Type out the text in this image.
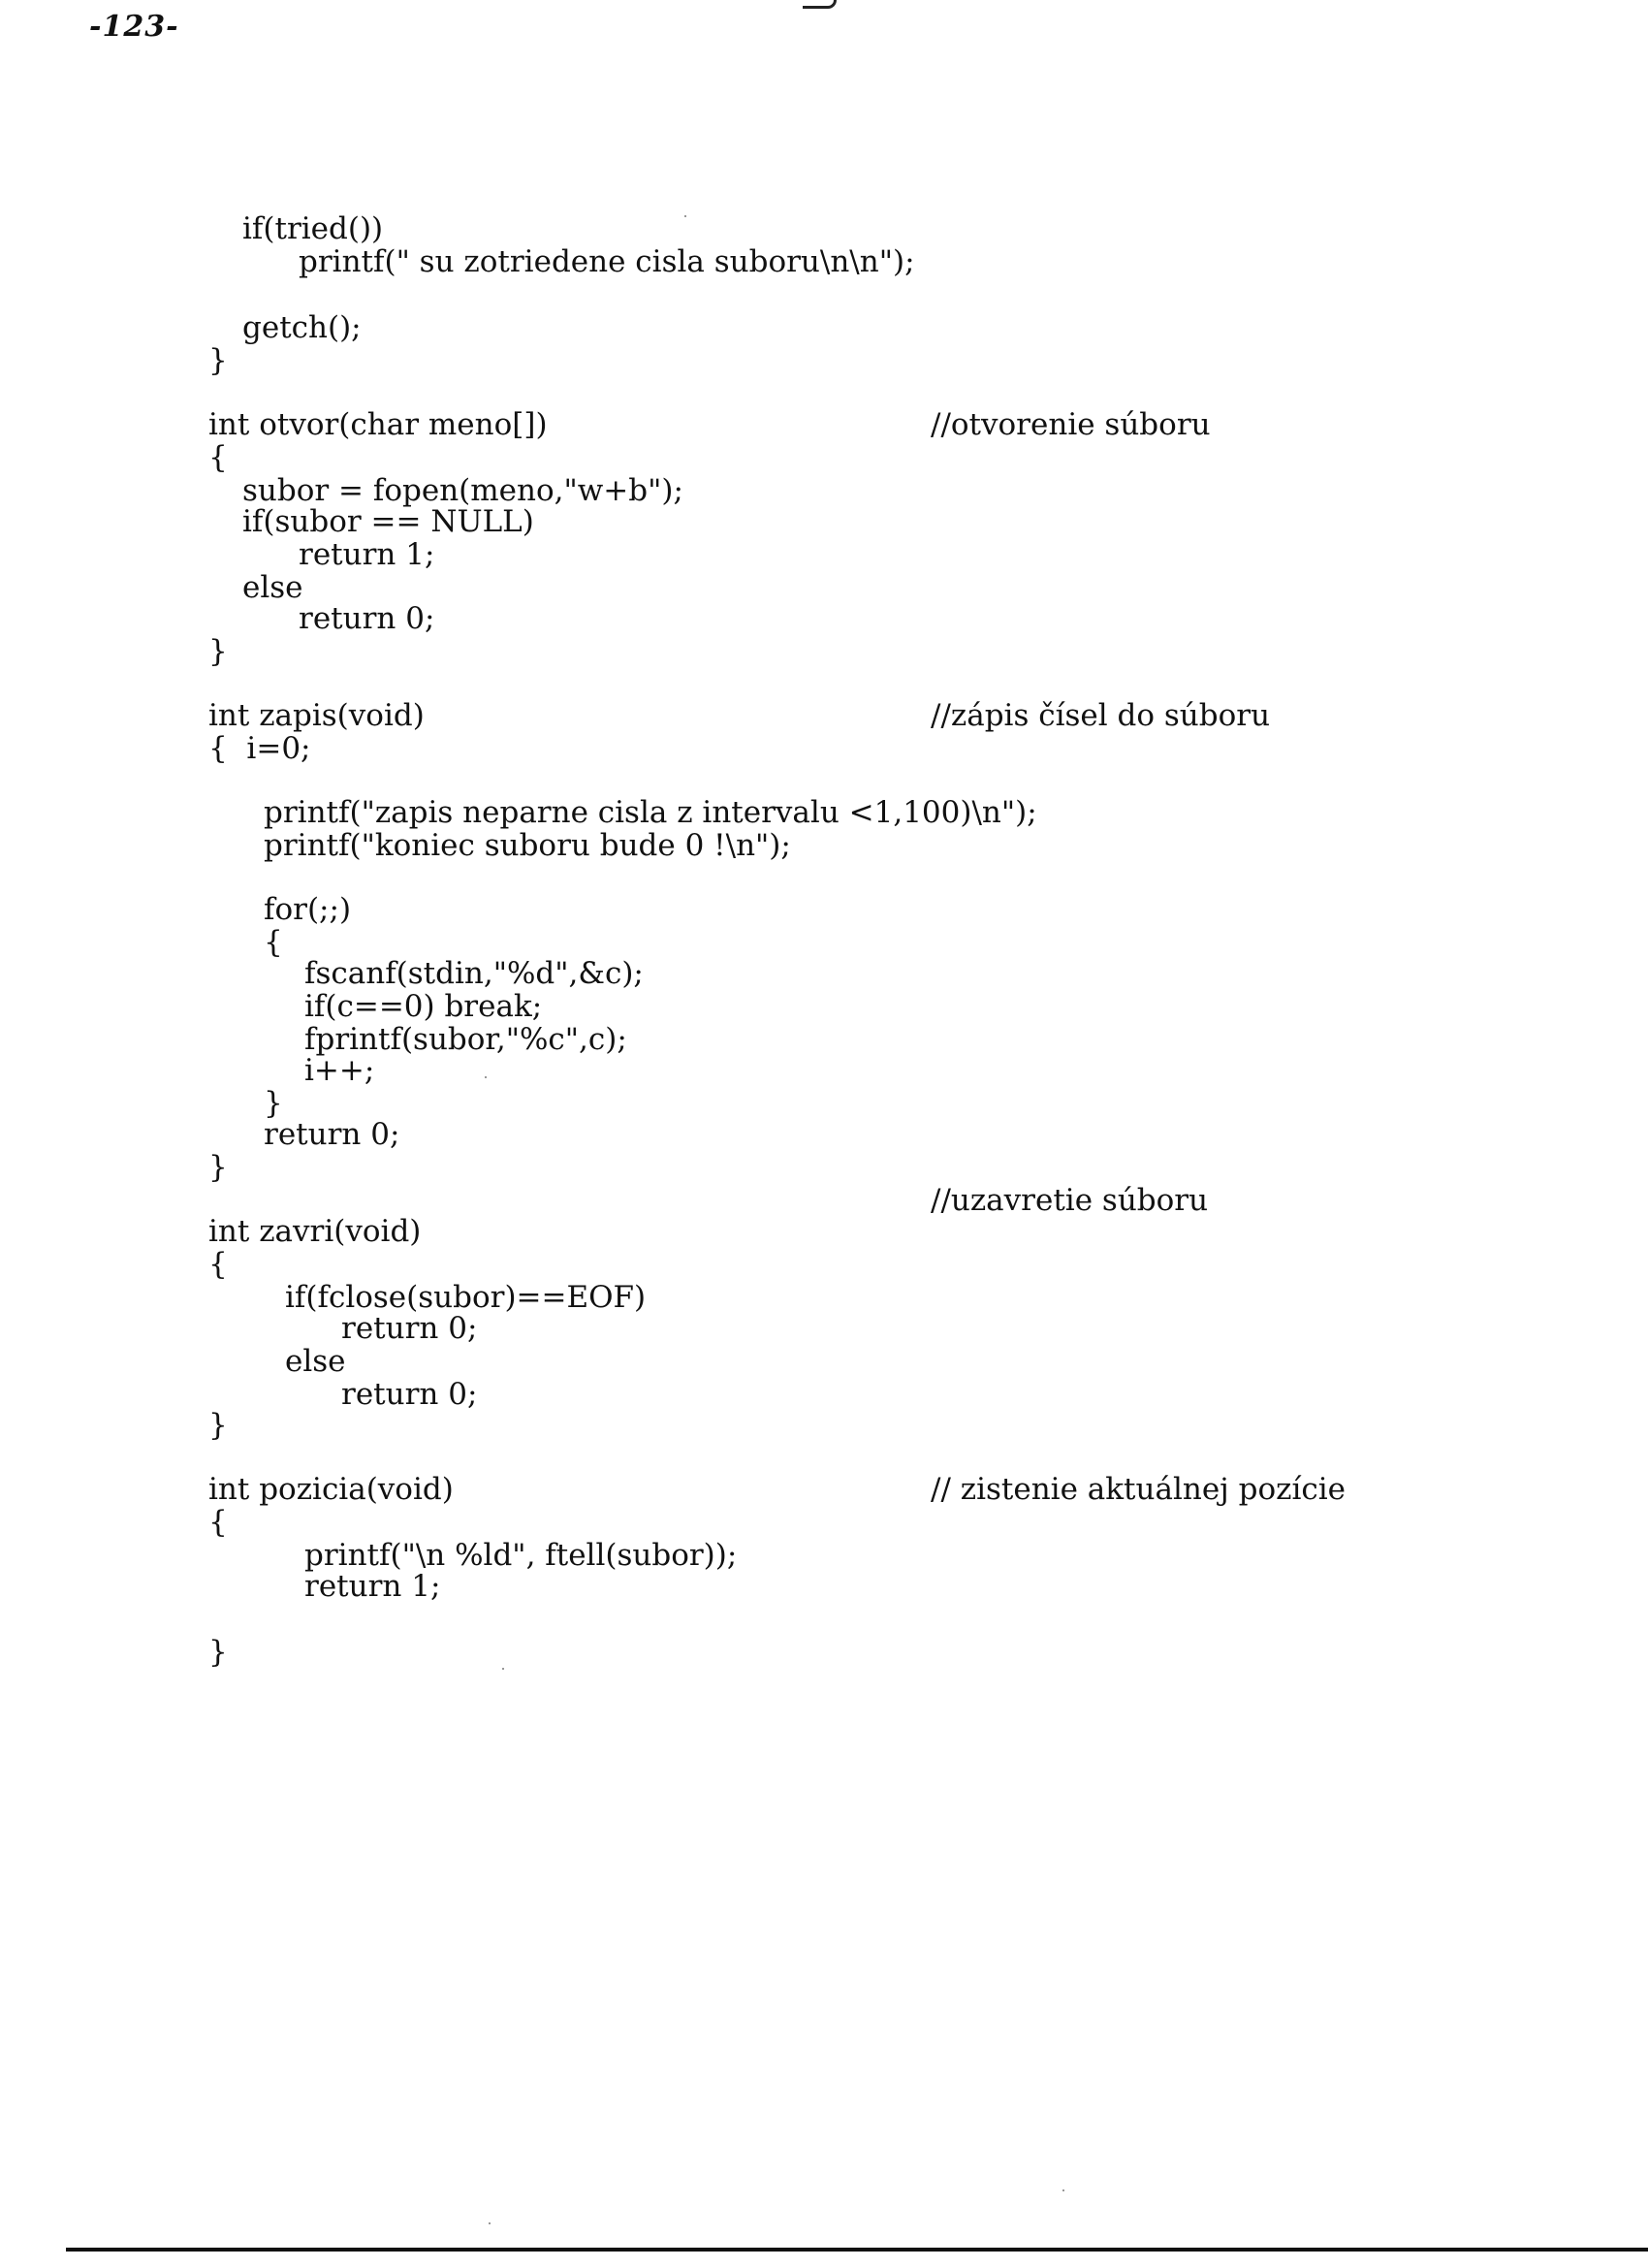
-123-

if(tried())

printf(" su zotriedene cisla suboru\n\n");

getch();

}

int otvor(char meno[])	//otvorenie súboru

{

subor = fopen(meno,"w+b");

if(subor == NULL)

return 1;

else

return 0;

}

int zapis(void)	//zápis čísel do súboru

{  i=0;

printf("zapis neparne cisla z intervalu <1,100)\n");

printf("koniec suboru bude 0 !\n");

for(;;)

{

fscanf(stdin,"%d",&c);

if(c==0) break;

fprintf(subor,"%c",c);

i++;

}

return 0;

}

//uzavretie súboru

int zavri(void)

{

if(fclose(subor)==EOF)

return 0;

else

return 0;

}

int pozicia(void)	// zistenie aktuálnej pozície

{

printf("\n %ld", ftell(subor));

return 1;

}
